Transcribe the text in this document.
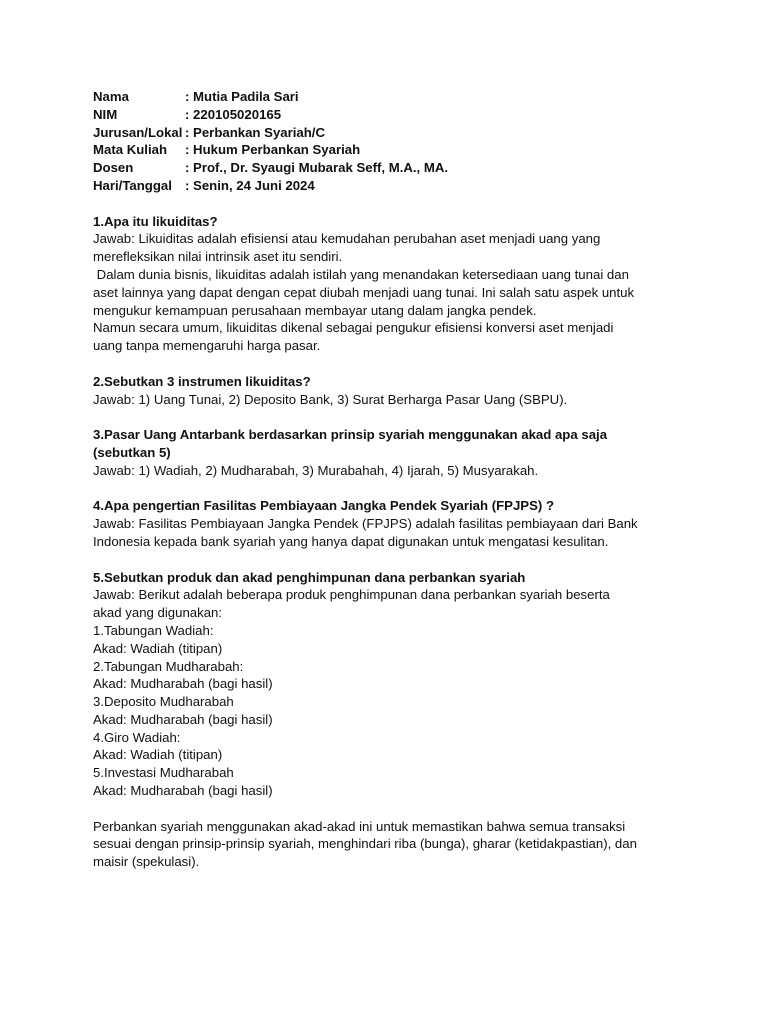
Nama	: Mutia Padila Sari
NIM	: 220105020165
Jurusan/Lokal : Perbankan Syariah/C
Mata Kuliah	: Hukum Perbankan Syariah
Dosen	: Prof., Dr. Syaugi Mubarak Seff, M.A., MA.
Hari/Tanggal : Senin, 24 Juni 2024

1.Apa itu likuiditas?

Jawab: Likuiditas adalah efisiensi atau kemudahan perubahan aset menjadi uang yang

merefleksikan nilai intrinsik aset itu sendiri.

Dalam dunia bisnis, likuiditas adalah istilah yang menandakan ketersediaan uang tunai dan

aset lainnya yang dapat dengan cepat diubah menjadi uang tunai. Ini salah satu aspek untuk

mengukur kemampuan perusahaan membayar utang dalam jangka pendek.

Namun secara umum, likuiditas dikenal sebagai pengukur efisiensi konversi aset menjadi

uang tanpa memengaruhi harga pasar.

2.Sebutkan 3 instrumen likuiditas?

Jawab: 1) Uang Tunai, 2) Deposito Bank, 3) Surat Berharga Pasar Uang (SBPU).

3.Pasar Uang Antarbank berdasarkan prinsip syariah menggunakan akad apa saja

(sebutkan 5)

Jawab: 1) Wadiah, 2) Mudharabah, 3) Murabahah, 4) Ijarah, 5) Musyarakah.

4.Apa pengertian Fasilitas Pembiayaan Jangka Pendek Syariah (FPJPS) ?

Jawab: Fasilitas Pembiayaan Jangka Pendek (FPJPS) adalah fasilitas pembiayaan dari Bank

Indonesia kepada bank syariah yang hanya dapat digunakan untuk mengatasi kesulitan.

5.Sebutkan produk dan akad penghimpunan dana perbankan syariah

Jawab: Berikut adalah beberapa produk penghimpunan dana perbankan syariah beserta

akad yang digunakan:

1.Tabungan Wadiah:

Akad: Wadiah (titipan)

2.Tabungan Mudharabah:

Akad: Mudharabah (bagi hasil)

3.Deposito Mudharabah

Akad: Mudharabah (bagi hasil)

4.Giro Wadiah:

Akad: Wadiah (titipan)

5.Investasi Mudharabah

Akad: Mudharabah (bagi hasil)

Perbankan syariah menggunakan akad-akad ini untuk memastikan bahwa semua transaksi

sesuai dengan prinsip-prinsip syariah, menghindari riba (bunga), gharar (ketidakpastian), dan

maisir (spekulasi).
